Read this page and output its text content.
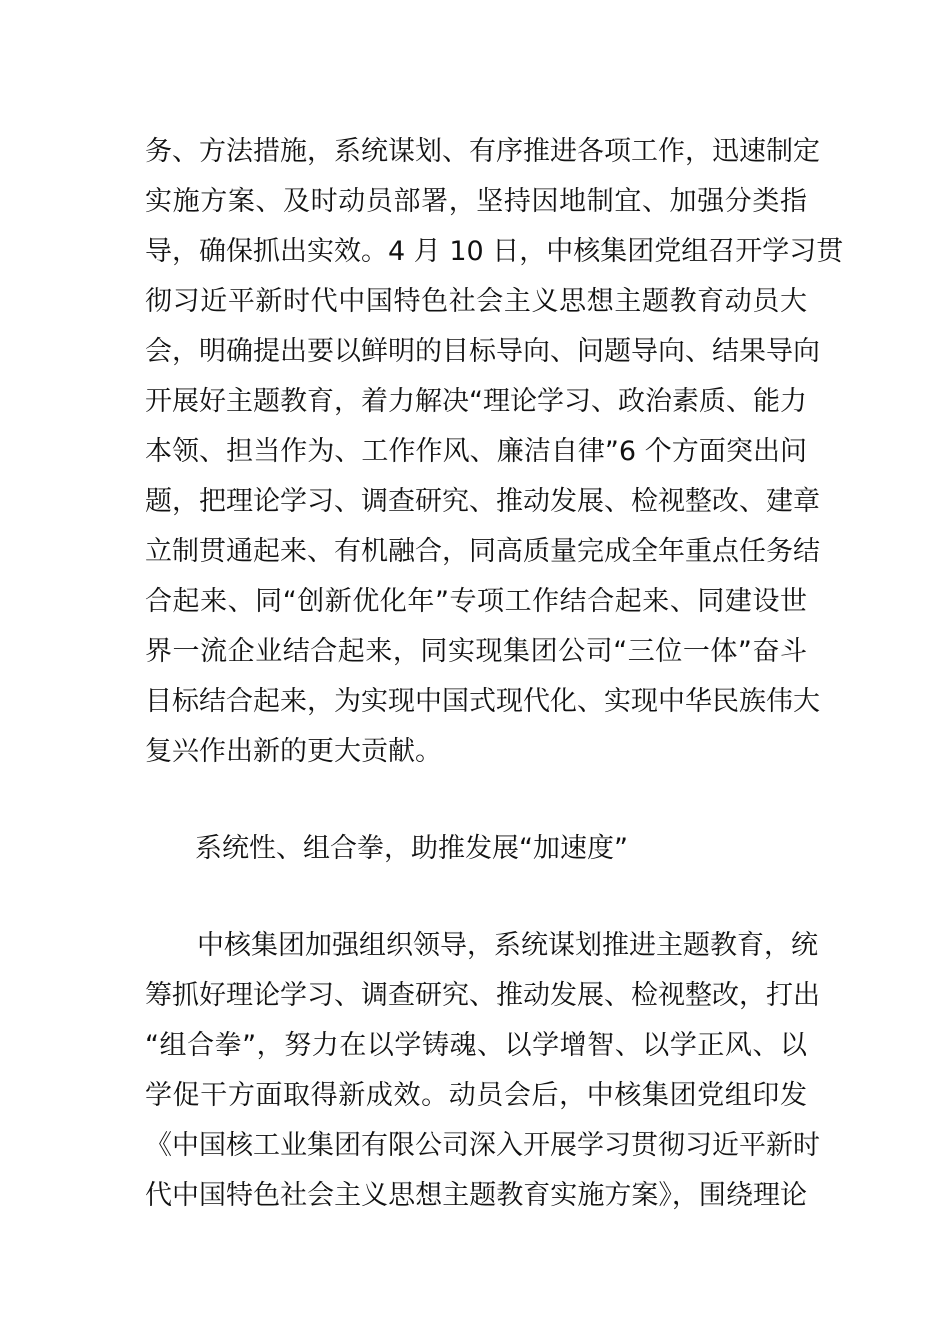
务、方法措施，系统谋划、有序推进各项工作，迅速制定
实施方案、及时动员部署，坚持因地制宜、加强分类指
导，确保抓出实效。4 月 10 日，中核集团党组召开学习贯
彻习近平新时代中国特色社会主义思想主题教育动员大
会，明确提出要以鲜明的目标导向、问题导向、结果导向
开展好主题教育，着力解决“理论学习、政治素质、能力
本领、担当作为、工作作风、廉洁自律”6 个方面突出问
题，把理论学习、调查研究、推动发展、检视整改、建章
立制贯通起来、有机融合，同高质量完成全年重点任务结
合起来、同“创新优化年”专项工作结合起来、同建设世
界一流企业结合起来，同实现集团公司“三位一体”奋斗
目标结合起来，为实现中国式现代化、实现中华民族伟大
复兴作出新的更大贡献。
系统性、组合拳，助推发展“加速度”
中核集团加强组织领导，系统谋划推进主题教育，统
筹抓好理论学习、调查研究、推动发展、检视整改，打出
“组合拳”，努力在以学铸魂、以学增智、以学正风、以
学促干方面取得新成效。动员会后，中核集团党组印发
《中国核工业集团有限公司深入开展学习贯彻习近平新时
代中国特色社会主义思想主题教育实施方案》，围绕理论
